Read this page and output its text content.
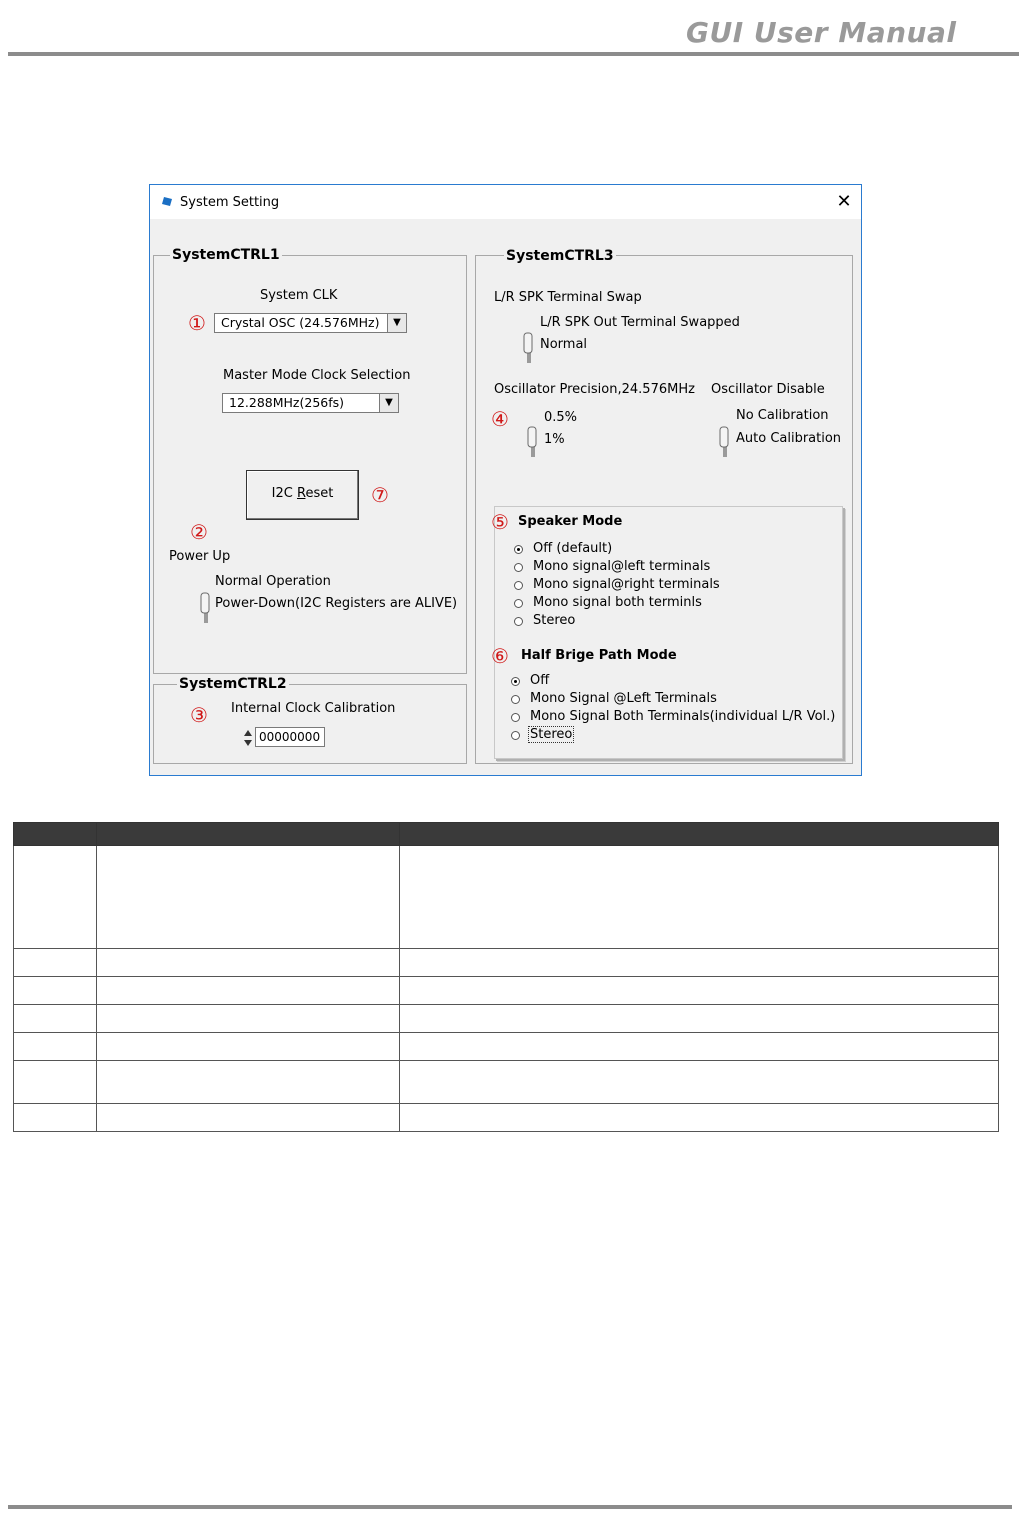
GUI User Manual
System Setting	✕
SystemCTRL1
System CLK
①	Crystal OSC (24.576MHz)	▼
Master Mode Clock Selection
12.288MHz(256fs)	▼
I2C Reset	⑦
②
Power Up
Normal Operation
Power-Down(I2C Registers are ALIVE)
SystemCTRL2
③ Internal Clock Calibration
00000000
SystemCTRL3
L/R SPK Terminal Swap
L/R SPK Out Terminal Swapped
Normal
Oscillator Precision,24.576MHz Oscillator Disable
④	0.5%
1%
No Calibration
Auto Calibration
⑤ Speaker Mode
Off (default)
Mono signal@left terminals
Mono signal@right terminals
Mono signal both terminls
Stereo
⑥ Half Brige Path Mode
Off
Mono Signal @Left Terminals
Mono Signal Both Terminals(individual L/R Vol.)
Stereo
